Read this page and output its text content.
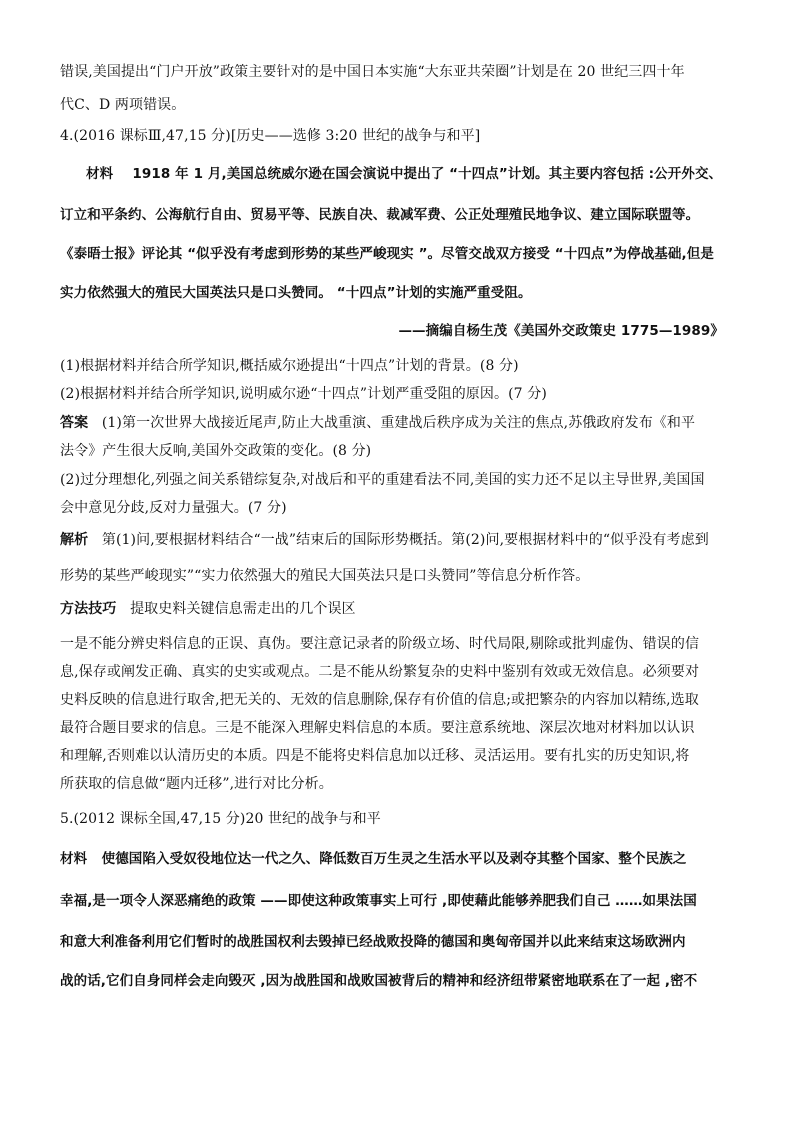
错误,美国提出“门户开放”政策主要针对的是中国日本实施“大东亚共荣圈”计划是在 20 世纪三四十年
代C、D 两项错误。
4.(2016 课标Ⅲ,47,15 分)[历史——选修 3:20 世纪的战争与和平]
材料 1918 年 1 月,美国总统威尔逊在国会演说中提出了 “十四点”计划。其主要内容包括 :公开外交、
订立和平条约、公海航行自由、贸易平等、民族自决、裁减军费、公正处理殖民地争议、建立国际联盟等。
《泰晤士报》评论其 “似乎没有考虑到形势的某些严峻现实 ”。尽管交战双方接受 “十四点”为停战基础,但是
实力依然强大的殖民大国英法只是口头赞同。 “十四点”计划的实施严重受阻。
——摘编自杨生茂《美国外交政策史 1775—1989》
(1)根据材料并结合所学知识,概括威尔逊提出“十四点”计划的背景。(8 分)
(2)根据材料并结合所学知识,说明威尔逊“十四点”计划严重受阻的原因。(7 分)
答案 (1)第一次世界大战接近尾声,防止大战重演、重建战后秩序成为关注的焦点,苏俄政府发布《和平
法令》产生很大反响,美国外交政策的变化。(8 分)
(2)过分理想化,列强之间关系错综复杂,对战后和平的重建看法不同,美国的实力还不足以主导世界,美国国
会中意见分歧,反对力量强大。(7 分)
解析 第(1)问,要根据材料结合“一战”结束后的国际形势概括。第(2)问,要根据材料中的“似乎没有考虑到
形势的某些严峻现实”“实力依然强大的殖民大国英法只是口头赞同”等信息分析作答。
方法技巧 提取史料关键信息需走出的几个误区
一是不能分辨史料信息的正误、真伪。要注意记录者的阶级立场、时代局限,剔除或批判虚伪、错误的信
息,保存或阐发正确、真实的史实或观点。二是不能从纷繁复杂的史料中鉴别有效或无效信息。必须要对
史料反映的信息进行取舍,把无关的、无效的信息删除,保存有价值的信息;或把繁杂的内容加以精练,选取
最符合题目要求的信息。三是不能深入理解史料信息的本质。要注意系统地、深层次地对材料加以认识
和理解,否则难以认清历史的本质。四是不能将史料信息加以迁移、灵活运用。要有扎实的历史知识,将
所获取的信息做“题内迁移”,进行对比分析。
5.(2012 课标全国,47,15 分)20 世纪的战争与和平
材料 使德国陷入受奴役地位达一代之久、降低数百万生灵之生活水平以及剥夺其整个国家、整个民族之
幸福,是一项令人深恶痛绝的政策 ——即使这种政策事实上可行 ,即使藉此能够养肥我们自己 ……如果法国
和意大利准备利用它们暂时的战胜国权利去毁掉已经战败投降的德国和奥匈帝国并以此来结束这场欧洲内
战的话,它们自身同样会走向毁灭 ,因为战胜国和战败国被背后的精神和经济纽带紧密地联系在了一起 ,密不
